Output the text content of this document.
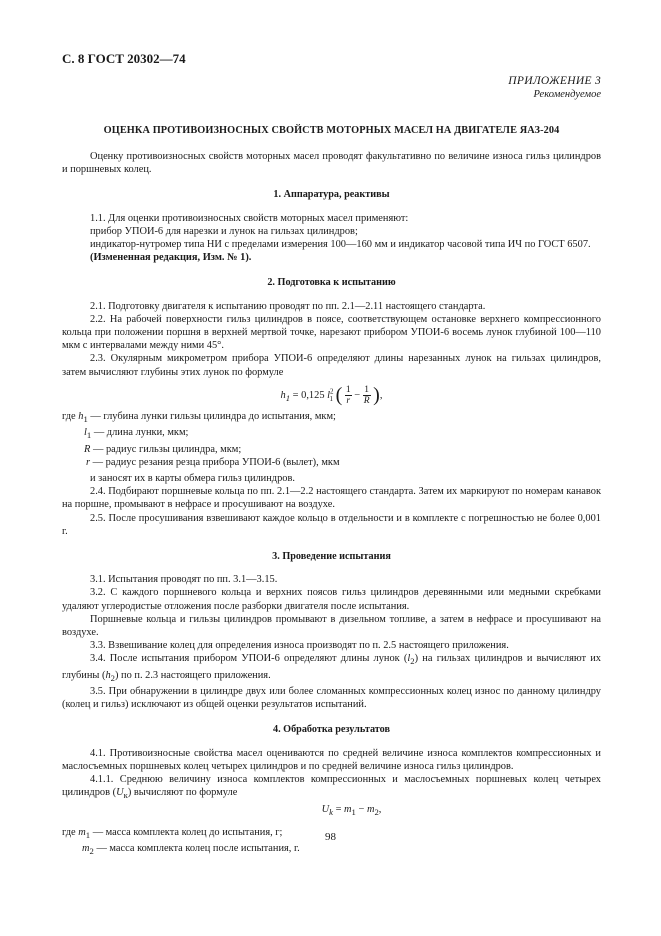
С. 8 ГОСТ 20302—74
ПРИЛОЖЕНИЕ 3
Рекомендуемое
ОЦЕНКА ПРОТИВОИЗНОСНЫХ СВОЙСТВ МОТОРНЫХ МАСЕЛ НА ДВИГАТЕЛЕ ЯАЗ-204

Оценку противоизносных свойств моторных масел проводят факультативно по величине износа гильз цилиндров и поршневых колец.

1. Аппаратура, реактивы

1.1. Для оценки противоизносных свойств моторных масел применяют:

прибор УПОИ-6 для нарезки и лунок на гильзах цилиндров;

индикатор-нутромер типа НИ с пределами измерения 100—160 мм и индикатор часовой типа ИЧ по ГОСТ 6507.

(Измененная редакция, Изм. № 1).

2. Подготовка к испытанию

2.1. Подготовку двигателя к испытанию проводят по пп. 2.1—2.11 настоящего стандарта.

2.2. На рабочей поверхности гильз цилиндров в поясе, соответствующем остановке верхнего компрессионного кольца при положении поршня в верхней мертвой точке, нарезают прибором УПОИ-6 восемь лунок глубиной 100—110 мкм с интервалами между ними 45°.

2.3. Окулярным микрометром прибора УПОИ-6 определяют длины нарезанных лунок на гильзах цилиндров, затем вычисляют глубины этих лунок по формуле

$h_1 = 0,125$ $l^2_1$ ( $\frac{1}{r} - \frac{1}{R}$ ),

где $h_1$ — глубина лунки гильзы цилиндра до испытания, мкм;
$l_1$ — длина лунки, мкм;
R — радиус гильзы цилиндра, мкм;
r — радиус резания резца прибора УПОИ-6 (вылет), мкм

и заносят их в карты обмера гильз цилиндров.

2.4. Подбирают поршневые кольца по пп. 2.1—2.2 настоящего стандарта. Затем их маркируют по номерам канавок на поршне, промывают в нефрасе и просушивают на воздухе.

2.5. После просушивания взвешивают каждое кольцо в отдельности и в комплекте с погрешностью не более 0,001 г.

3. Проведение испытания

3.1. Испытания проводят по пп. 3.1—3.15.

3.2. С каждого поршневого кольца и верхних поясов гильз цилиндров деревянными или медными скребками удаляют углеродистые отложения после разборки двигателя после испытания.

Поршневые кольца и гильзы цилиндров промывают в дизельном топливе, а затем в нефрасе и просушивают на воздухе.

3.3. Взвешивание колец для определения износа производят по п. 2.5 настоящего приложения.

3.4. После испытания прибором УПОИ-6 определяют длины лунок $(l_2)$ на гильзах цилиндров и вычисляют их глубины $(h_2)$ по п. 2.3 настоящего приложения.

3.5. При обнаружении в цилиндре двух или более сломанных компрессионных колец износ по данному цилиндру (колец и гильз) исключают из общей оценки результатов испытаний.

4. Обработка результатов

4.1. Противоизносные свойства масел оцениваются по средней величине износа комплектов компрессионных и маслосъемных поршневых колец четырех цилиндров и по средней величине износа гильз цилиндров.

4.1.1. Среднюю величину износа комплектов компрессионных и маслосъемных поршневых колец четырех цилиндров $(U_к)$ вычисляют по формуле

$U_k = m_1 - m_2$,

где $m_1$ — масса комплекта колец до испытания, г;
$m_2$ — масса комплекта колец после испытания, г.
98
